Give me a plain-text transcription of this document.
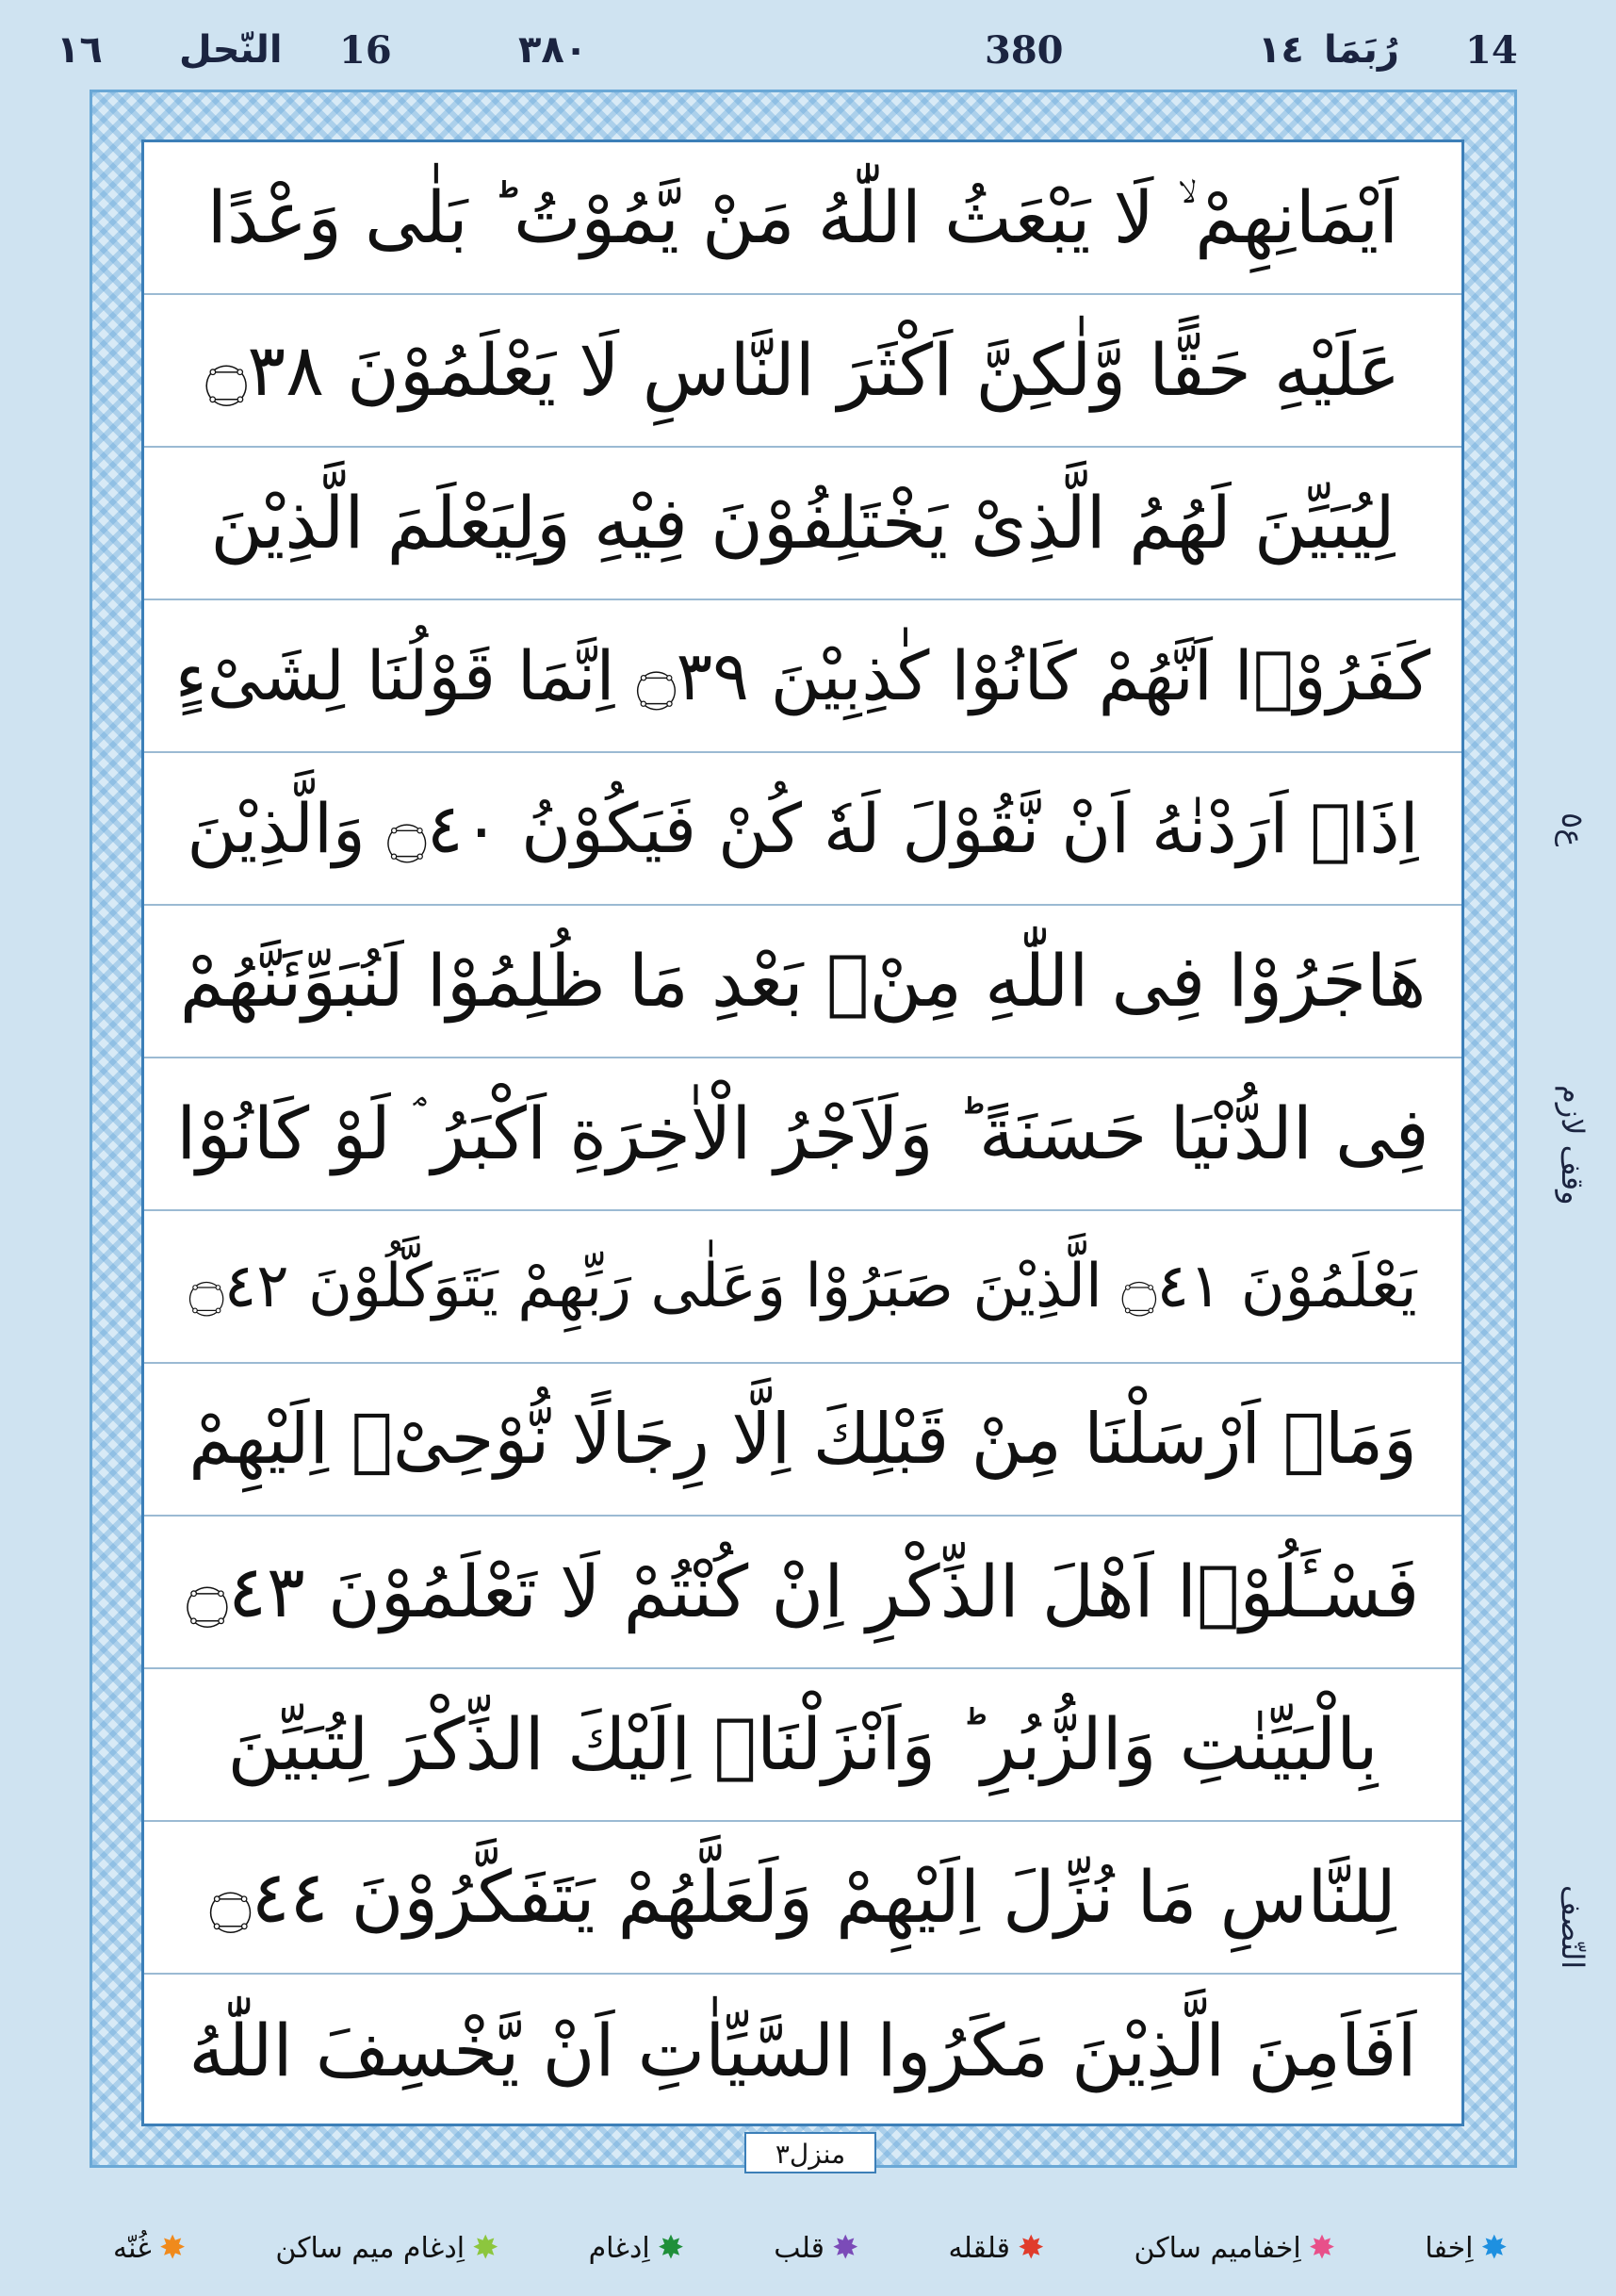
١٦ النّحل 16	٣٨٠	380	١٤ رُبَمَا 14
اَيْمَانِهِمْ ۙ لَا يَبْعَثُ اللّٰهُ مَنْ يَّمُوْتُ ؕ بَلٰى وَعْدًا
عَلَيْهِ حَقًّا وَّلٰكِنَّ اَكْثَرَ النَّاسِ لَا يَعْلَمُوْنَ ۝٣٨
لِيُبَيِّنَ لَهُمُ الَّذِىْ يَخْتَلِفُوْنَ فِيْهِ وَلِيَعْلَمَ الَّذِيْنَ
كَفَرُوْۤا اَنَّهُمْ كَانُوْا كٰذِبِيْنَ ۝٣٩ اِنَّمَا قَوْلُنَا لِشَىْءٍ
اِذَاۤ اَرَدْنٰهُ اَنْ نَّقُوْلَ لَهٗ كُنْ فَيَكُوْنُ ۝٤٠ وَالَّذِيْنَ
هَاجَرُوْا فِى اللّٰهِ مِنْۢ بَعْدِ مَا ظُلِمُوْا لَنُبَوِّئَنَّهُمْ
فِى الدُّنْيَا حَسَنَةً ؕ وَلَاَجْرُ الْاٰخِرَةِ اَكْبَرُ ۘ لَوْ كَانُوْا
يَعْلَمُوْنَ ۝٤١ الَّذِيْنَ صَبَرُوْا وَعَلٰى رَبِّهِمْ يَتَوَكَّلُوْنَ ۝٤٢
وَمَاۤ اَرْسَلْنَا مِنْ قَبْلِكَ اِلَّا رِجَالًا نُّوْحِىْۤ اِلَيْهِمْ
فَسْـَٔلُوْۤا اَهْلَ الذِّكْرِ اِنْ كُنْتُمْ لَا تَعْلَمُوْنَ ۝٤٣
بِالْبَيِّنٰتِ وَالزُّبُرِ ؕ وَاَنْزَلْنَاۤ اِلَيْكَ الذِّكْرَ لِتُبَيِّنَ
لِلنَّاسِ مَا نُزِّلَ اِلَيْهِمْ وَلَعَلَّهُمْ يَتَفَكَّرُوْنَ ۝٤٤
اَفَاَمِنَ الَّذِيْنَ مَكَرُوا السَّيِّاٰتِ اَنْ يَّخْسِفَ اللّٰهُ
منزل٣
ع٥
وقف لازم
النّصف
✸
اِخفا
✸
اِخفاميم ساكن
✸
قلقله
✸
قلب
✸
اِدغام
✸
اِدغام ميم ساكن
✸
غُنّه
